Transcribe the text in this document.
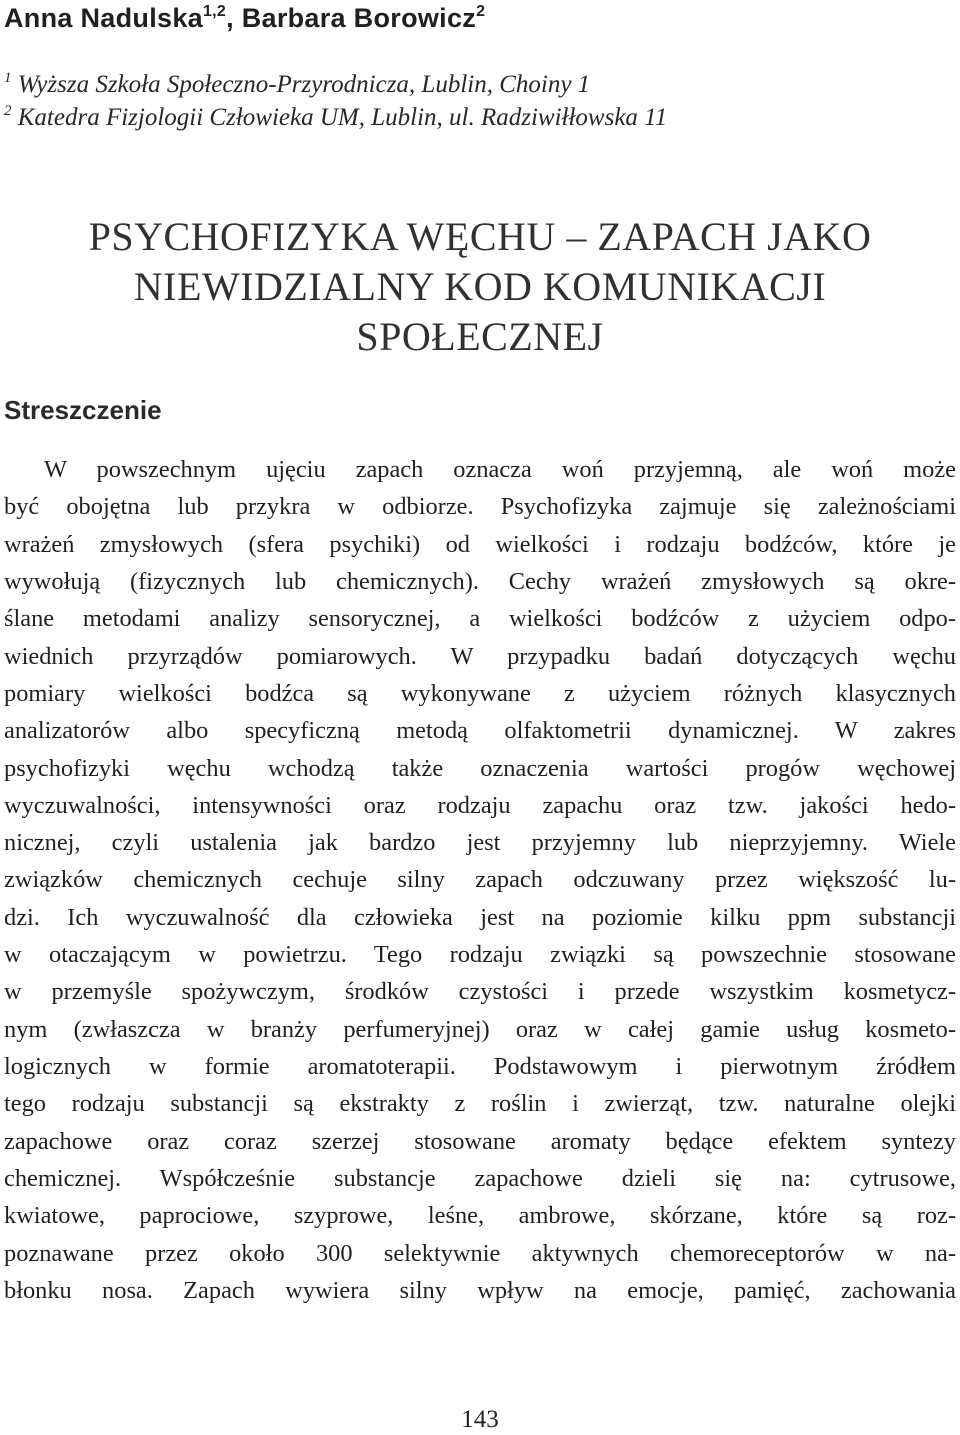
Anna Nadulska$^{1,2}$, Barbara Borowicz$^2$
$^1$ Wyższa Szkoła Społeczno-Przyrodnicza, Lublin, Choiny 1
$^2$ Katedra Fizjologii Człowieka UM, Lublin, ul. Radziwiłłowska 11
PSYCHOFIZYKA WĘCHU – ZAPACH JAKO
NIEWIDZIALNY KOD KOMUNIKACJI
SPOŁECZNEJ
Streszczenie
W powszechnym ujęciu zapach oznacza woń przyjemną, ale woń może
być obojętna lub przykra w odbiorze. Psychofizyka zajmuje się zależnościami
wrażeń zmysłowych (sfera psychiki) od wielkości i rodzaju bodźców, które je
wywołują (fizycznych lub chemicznych). Cechy wrażeń zmysłowych są okre-
ślane metodami analizy sensorycznej, a wielkości bodźców z użyciem odpo-
wiednich przyrządów pomiarowych. W przypadku badań dotyczących węchu
pomiary wielkości bodźca są wykonywane z użyciem różnych klasycznych
analizatorów albo specyficzną metodą olfaktometrii dynamicznej. W zakres
psychofizyki węchu wchodzą także oznaczenia wartości progów węchowej
wyczuwalności, intensywności oraz rodzaju zapachu oraz tzw. jakości hedo-
nicznej, czyli ustalenia jak bardzo jest przyjemny lub nieprzyjemny. Wiele
związków chemicznych cechuje silny zapach odczuwany przez większość lu-
dzi. Ich wyczuwalność dla człowieka jest na poziomie kilku ppm substancji
w otaczającym w powietrzu. Tego rodzaju związki są powszechnie stosowane
w przemyśle spożywczym, środków czystości i przede wszystkim kosmetycz-
nym (zwłaszcza w branży perfumeryjnej) oraz w całej gamie usług kosmeto-
logicznych w formie aromatoterapii. Podstawowym i pierwotnym źródłem
tego rodzaju substancji są ekstrakty z roślin i zwierząt, tzw. naturalne olejki
zapachowe oraz coraz szerzej stosowane aromaty będące efektem syntezy
chemicznej. Współcześnie substancje zapachowe dzieli się na: cytrusowe,
kwiatowe, paprociowe, szyprowe, leśne, ambrowe, skórzane, które są roz-
poznawane przez około 300 selektywnie aktywnych chemoreceptorów w na-
błonku nosa. Zapach wywiera silny wpływ na emocje, pamięć, zachowania
143
